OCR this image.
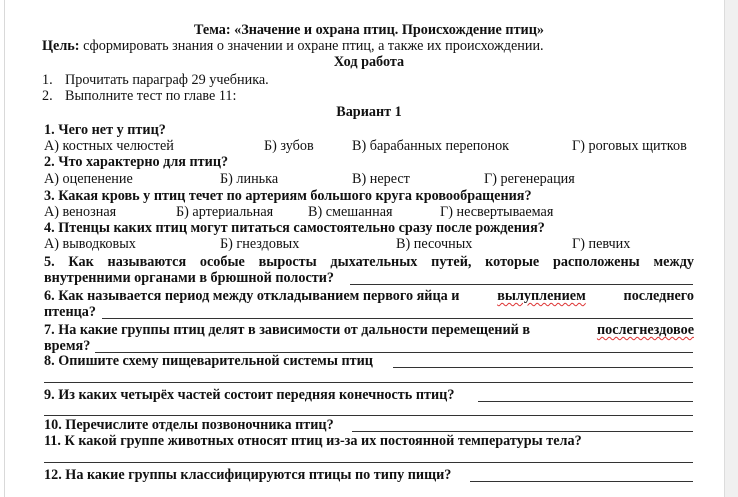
Тема: «Значение и охрана птиц. Происхождение птиц»
Цель: сформировать знания о значении и охране птиц, а также их происхождении.
Ход работа
1. Прочитать параграф 29 учебника.
2. Выполните тест по главе 11:
Вариант 1
1. Чего нет у птиц?
А) костных челюстей	Б) зубов	В) барабанных перепонок	Г) роговых щитков
2. Что характерно для птиц?
А) оцепенение	Б) линька	В) нерест	Г) регенерация
3. Какая кровь у птиц течет по артериям большого круга кровообращения?
А) венозная	Б) артериальная В) смешанная	Г) несвертываемая
4. Птенцы каких птиц могут питаться самостоятельно сразу после рождения?
А) выводковых	Б) гнездовых	В) песочных	Г) певчих
5. Как называются особые выросты дыхательных путей, которые расположены между
внутренними органами в брюшной полости?
6. Как называется период между откладыванием первого яйца и	вылуплением	последнего
птенца?
7. На какие группы птиц делят в зависимости от дальности перемещений в	послегнездовое
время?
8. Опишите схему пищеварительной системы птиц
9. Из каких четырёх частей состоит передняя конечность птиц?
10. Перечислите отделы позвоночника птиц?
11. К какой группе животных относят птиц из-за их постоянной температуры тела?
12. На какие группы классифицируются птицы по типу пищи?
